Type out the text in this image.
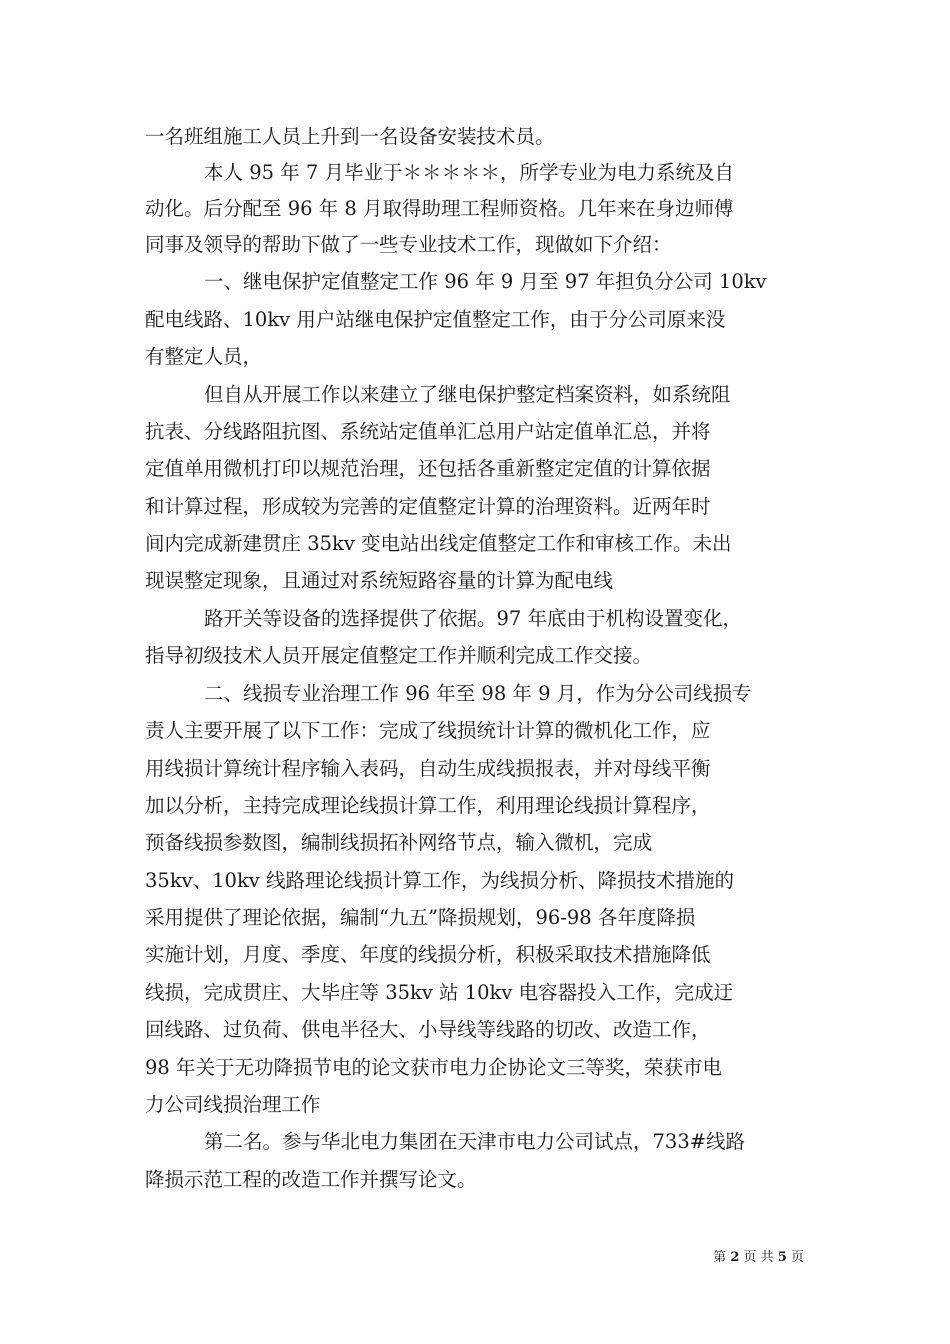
一名班组施工人员上升到一名设备安装技术员。
本人 95 年 7 月毕业于＊＊＊＊＊，所学专业为电力系统及自
动化。后分配至 96 年 8 月取得助理工程师资格。几年来在身边师傅
同事及领导的帮助下做了一些专业技术工作，现做如下介绍：
一、继电保护定值整定工作 96 年 9 月至 97 年担负分公司 10kv
配电线路、10kv 用户站继电保护定值整定工作，由于分公司原来没
有整定人员，
但自从开展工作以来建立了继电保护整定档案资料，如系统阻
抗表、分线路阻抗图、系统站定值单汇总用户站定值单汇总，并将
定值单用微机打印以规范治理，还包括各重新整定定值的计算依据
和计算过程，形成较为完善的定值整定计算的治理资料。近两年时
间内完成新建贯庄 35kv 变电站出线定值整定工作和审核工作。未出
现误整定现象，且通过对系统短路容量的计算为配电线
路开关等设备的选择提供了依据。97 年底由于机构设置变化，
指导初级技术人员开展定值整定工作并顺利完成工作交接。
二、线损专业治理工作 96 年至 98 年 9 月，作为分公司线损专
责人主要开展了以下工作：完成了线损统计计算的微机化工作，应
用线损计算统计程序输入表码，自动生成线损报表，并对母线平衡
加以分析，主持完成理论线损计算工作，利用理论线损计算程序，
预备线损参数图，编制线损拓补网络节点，输入微机，完成
35kv、10kv 线路理论线损计算工作，为线损分析、降损技术措施的
采用提供了理论依据，编制“九五”降损规划，96-98 各年度降损
实施计划，月度、季度、年度的线损分析，积极采取技术措施降低
线损，完成贯庄、大毕庄等 35kv 站 10kv 电容器投入工作，完成迂
回线路、过负荷、供电半径大、小导线等线路的切改、改造工作，
98 年关于无功降损节电的论文获市电力企协论文三等奖，荣获市电
力公司线损治理工作
第二名。参与华北电力集团在天津市电力公司试点，733#线路
降损示范工程的改造工作并撰写论文。
第 2 页 共 5 页
